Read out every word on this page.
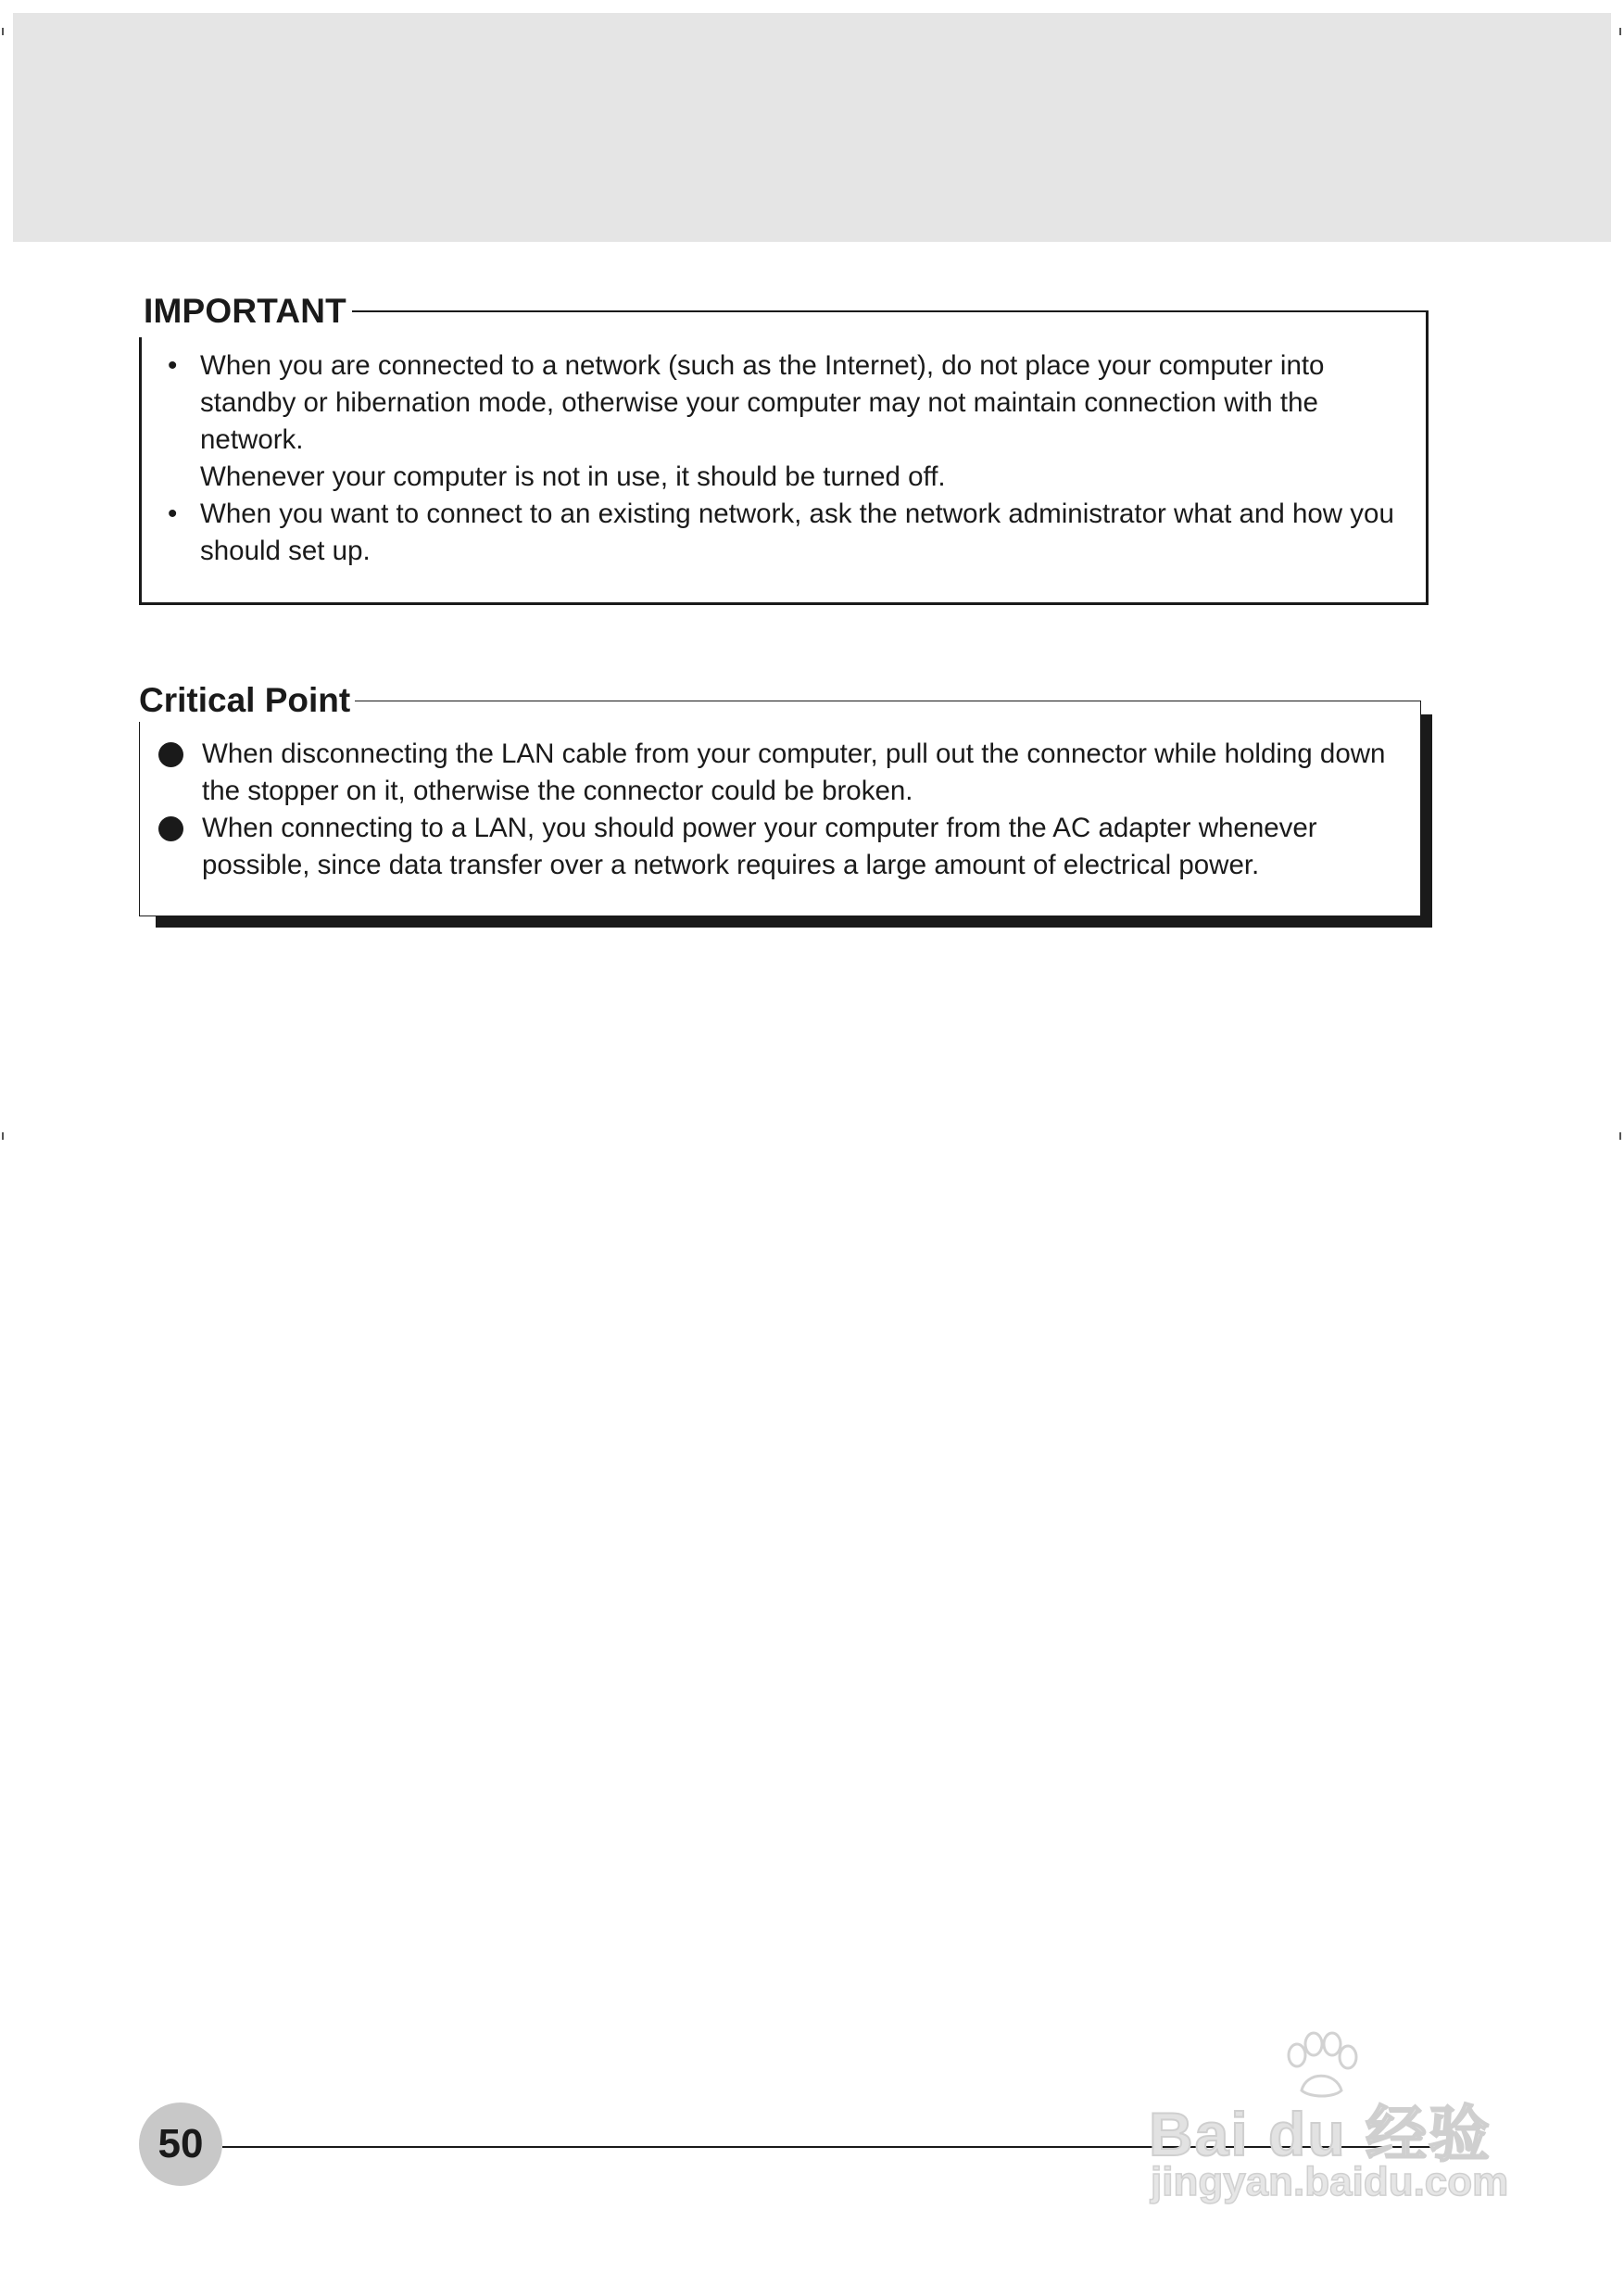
• When you are connected to a network (such as the Internet), do not place your computer into standby or hibernation mode, otherwise your computer may not maintain connection with the network.
Whenever your computer is not in use, it should be turned off.
• When you want to connect to an existing network, ask the network administrator what and how you should set up.
IMPORTANT
When disconnecting the LAN cable from your computer, pull out the connector while holding down the stopper on it, otherwise the connector could be broken.
When connecting to a LAN, you should power your computer from the AC adapter whenever possible, since data transfer over a network requires a large amount of electrical power.
Critical Point
50	Bai du 经验
jingyan.baidu.com
